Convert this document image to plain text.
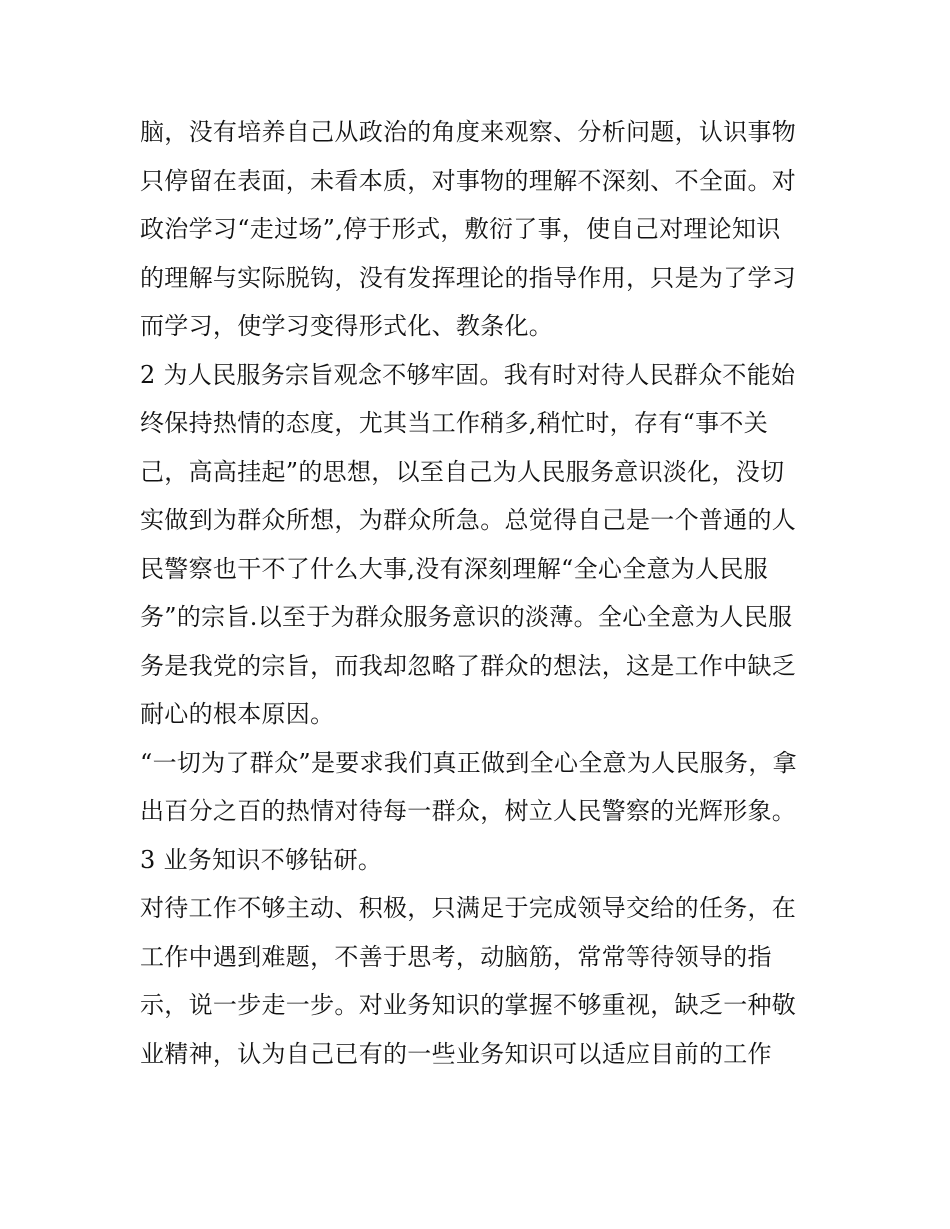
脑，没有培养自己从政治的角度来观察、分析问题，认识事物
只停留在表面，未看本质，对事物的理解不深刻、不全面。对
政治学习“走过场”,停于形式，敷衍了事，使自己对理论知识
的理解与实际脱钩，没有发挥理论的指导作用，只是为了学习
而学习，使学习变得形式化、教条化。
2 为人民服务宗旨观念不够牢固。我有时对待人民群众不能始
终保持热情的态度，尤其当工作稍多,稍忙时，存有“事不关
己，高高挂起”的思想，以至自己为人民服务意识淡化，没切
实做到为群众所想，为群众所急。总觉得自己是一个普通的人
民警察也干不了什么大事,没有深刻理解“全心全意为人民服
务”的宗旨.以至于为群众服务意识的淡薄。全心全意为人民服
务是我党的宗旨，而我却忽略了群众的想法，这是工作中缺乏
耐心的根本原因。
“一切为了群众”是要求我们真正做到全心全意为人民服务，拿
出百分之百的热情对待每一群众，树立人民警察的光辉形象。
3 业务知识不够钻研。
对待工作不够主动、积极，只满足于完成领导交给的任务，在
工作中遇到难题，不善于思考，动脑筋，常常等待领导的指
示，说一步走一步。对业务知识的掌握不够重视，缺乏一种敬
业精神，认为自己已有的一些业务知识可以适应目前的工作
